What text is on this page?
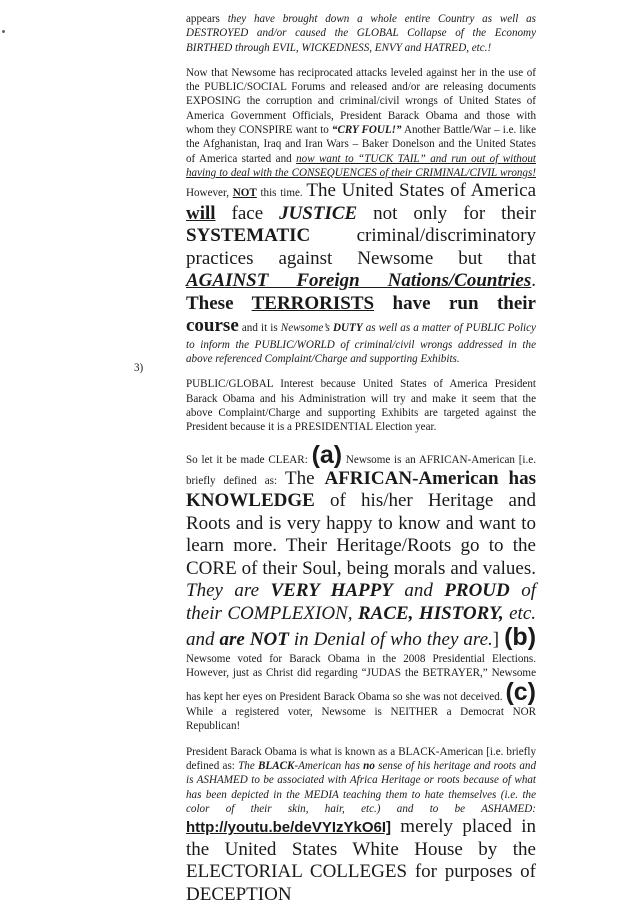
appears they have brought down a whole entire Country as well as DESTROYED and/or caused the GLOBAL Collapse of the Economy BIRTHED through EVIL, WICKEDNESS, ENVY and HATRED, etc.!

Now that Newsome has reciprocated attacks leveled against her in the use of the PUBLIC/SOCIAL Forums and released and/or are releasing documents EXPOSING the corruption and criminal/civil wrongs of United States of America Government Officials, President Barack Obama and those with whom they CONSPIRE want to “CRY FOUL!” Another Battle/War – i.e. like the Afghanistan, Iraq and Iran Wars – Baker Donelson and the United States of America started and now want to “TUCK TAIL” and run out of without having to deal with the CONSEQUENCES of their CRIMINAL/CIVIL wrongs! However, NOT this time. The United States of America will face JUSTICE not only for their SYSTEMATIC criminal/discriminatory practices against Newsome but that AGAINST Foreign Nations/Countries. These TERRORISTS have run their course and it is Newsome’s DUTY as well as a matter of PUBLIC Policy to inform the PUBLIC/WORLD of criminal/civil wrongs addressed in the above referenced Complaint/Charge and supporting Exhibits.

PUBLIC/GLOBAL Interest because United States of America President Barack Obama and his Administration will try and make it seem that the above Complaint/Charge and supporting Exhibits are targeted against the President because it is a PRESIDENTIAL Election year.

So let it be made CLEAR: (a) Newsome is an AFRICAN-American [i.e. briefly defined as: The AFRICAN-American has KNOWLEDGE of his/her Heritage and Roots and is very happy to know and want to learn more. Their Heritage/Roots go to the CORE of their Soul, being morals and values. They are VERY HAPPY and PROUD of their COMPLEXION, RACE, HISTORY, etc. and are NOT in Denial of who they are.] (b) Newsome voted for Barack Obama in the 2008 Presidential Elections. However, just as Christ did regarding “JUDAS the BETRAYER,” Newsome has kept her eyes on President Barack Obama so she was not deceived. (c) While a registered voter, Newsome is NEITHER a Democrat NOR Republican!

President Barack Obama is what is known as a BLACK-American [i.e. briefly defined as: The BLACK-American has no sense of his heritage and roots and is ASHAMED to be associated with Africa Heritage or roots because of what has been depicted in the MEDIA teaching them to hate themselves (i.e. the color of their skin, hair, etc.) and to be ASHAMED: http://youtu.be/deVYIzYkO6I] merely placed in the United States White House by the ELECTORIAL COLLEGES for purposes of DECEPTION

3)
